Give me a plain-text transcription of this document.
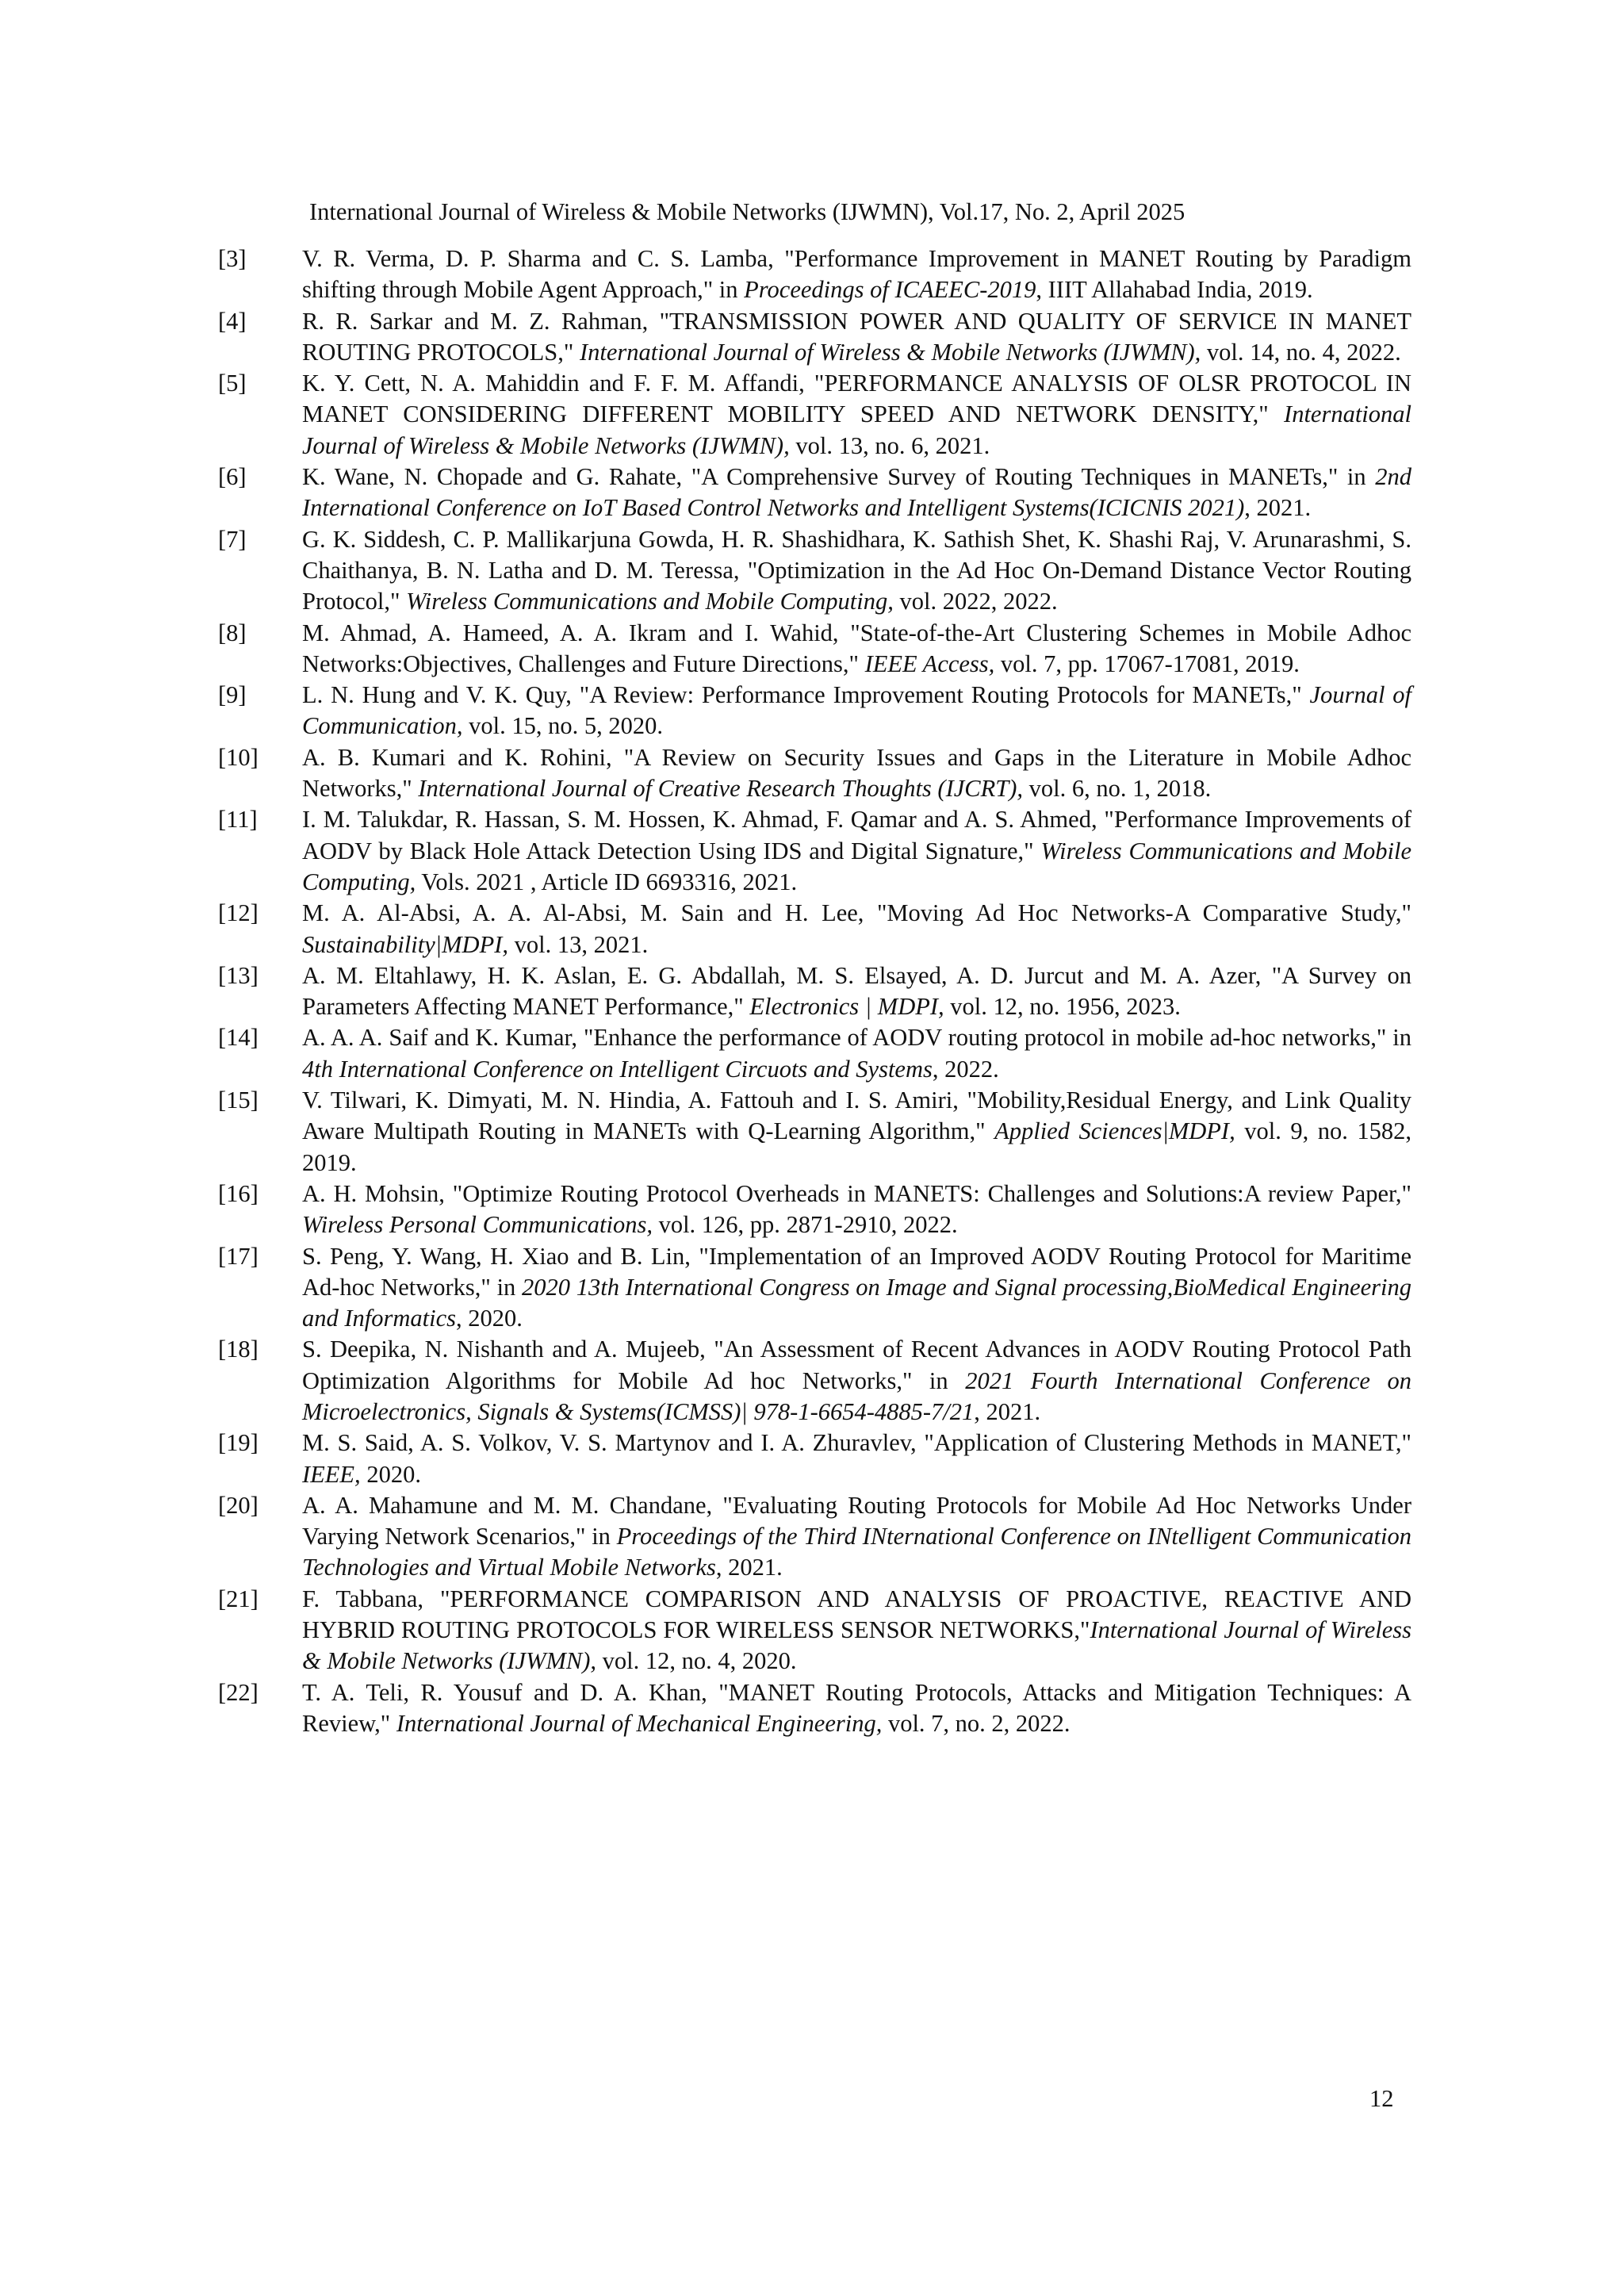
International Journal of Wireless & Mobile Networks (IJWMN), Vol.17, No. 2, April 2025
[3]	V. R. Verma, D. P. Sharma and C. S. Lamba, "Performance Improvement in MANET Routing by Paradigm shifting through Mobile Agent Approach," in Proceedings of ICAEEC-2019, IIIT Allahabad India, 2019.
[4]	R. R. Sarkar and M. Z. Rahman, "TRANSMISSION POWER AND QUALITY OF SERVICE IN MANET ROUTING PROTOCOLS," International Journal of Wireless & Mobile Networks (IJWMN), vol. 14, no. 4, 2022.
[5]	K. Y. Cett, N. A. Mahiddin and F. F. M. Affandi, "PERFORMANCE ANALYSIS OF OLSR PROTOCOL IN MANET CONSIDERING DIFFERENT MOBILITY SPEED AND NETWORK DENSITY," International Journal of Wireless & Mobile Networks (IJWMN), vol. 13, no. 6, 2021.
[6]	K. Wane, N. Chopade and G. Rahate, "A Comprehensive Survey of Routing Techniques in MANETs," in 2nd International Conference on IoT Based Control Networks and Intelligent Systems(ICICNIS 2021), 2021.
[7]	G. K. Siddesh, C. P. Mallikarjuna Gowda, H. R. Shashidhara, K. Sathish Shet, K. Shashi Raj, V. Arunarashmi, S. Chaithanya, B. N. Latha and D. M. Teressa, "Optimization in the Ad Hoc On-Demand Distance Vector Routing Protocol," Wireless Communications and Mobile Computing, vol. 2022, 2022.
[8]	M. Ahmad, A. Hameed, A. A. Ikram and I. Wahid, "State-of-the-Art Clustering Schemes in Mobile Adhoc Networks:Objectives, Challenges and Future Directions," IEEE Access, vol. 7, pp. 17067-17081, 2019.
[9]	L. N. Hung and V. K. Quy, "A Review: Performance Improvement Routing Protocols for MANETs," Journal of Communication, vol. 15, no. 5, 2020.
[10]	A. B. Kumari and K. Rohini, "A Review on Security Issues and Gaps in the Literature in Mobile Adhoc Networks," International Journal of Creative Research Thoughts (IJCRT), vol. 6, no. 1, 2018.
[11]	I. M. Talukdar, R. Hassan, S. M. Hossen, K. Ahmad, F. Qamar and A. S. Ahmed, "Performance Improvements of AODV by Black Hole Attack Detection Using IDS and Digital Signature," Wireless Communications and Mobile Computing, Vols. 2021 , Article ID 6693316, 2021.
[12]	M. A. Al-Absi, A. A. Al-Absi, M. Sain and H. Lee, "Moving Ad Hoc Networks-A Comparative Study," Sustainability|MDPI, vol. 13, 2021.
[13]	A. M. Eltahlawy, H. K. Aslan, E. G. Abdallah, M. S. Elsayed, A. D. Jurcut and M. A. Azer, "A Survey on Parameters Affecting MANET Performance," Electronics | MDPI, vol. 12, no. 1956, 2023.
[14]	A. A. A. Saif and K. Kumar, "Enhance the performance of AODV routing protocol in mobile ad-hoc networks," in 4th International Conference on Intelligent Circuots and Systems, 2022.
[15]	V. Tilwari, K. Dimyati, M. N. Hindia, A. Fattouh and I. S. Amiri, "Mobility,Residual Energy, and Link Quality Aware Multipath Routing in MANETs with Q-Learning Algorithm," Applied Sciences|MDPI, vol. 9, no. 1582, 2019.
[16]	A. H. Mohsin, "Optimize Routing Protocol Overheads in MANETS: Challenges and Solutions:A review Paper," Wireless Personal Communications, vol. 126, pp. 2871-2910, 2022.
[17]	S. Peng, Y. Wang, H. Xiao and B. Lin, "Implementation of an Improved AODV Routing Protocol for Maritime Ad-hoc Networks," in 2020 13th International Congress on Image and Signal processing,BioMedical Engineering and Informatics, 2020.
[18]	S. Deepika, N. Nishanth and A. Mujeeb, "An Assessment of Recent Advances in AODV Routing Protocol Path Optimization Algorithms for Mobile Ad hoc Networks," in 2021 Fourth International Conference on Microelectronics, Signals & Systems(ICMSS)| 978-1-6654-4885-7/21, 2021.
[19]	M. S. Said, A. S. Volkov, V. S. Martynov and I. A. Zhuravlev, "Application of Clustering Methods in MANET," IEEE, 2020.
[20]	A. A. Mahamune and M. M. Chandane, "Evaluating Routing Protocols for Mobile Ad Hoc Networks Under Varying Network Scenarios," in Proceedings of the Third INternational Conference on INtelligent Communication Technologies and Virtual Mobile Networks, 2021.
[21]	F. Tabbana, "PERFORMANCE COMPARISON AND ANALYSIS OF PROACTIVE, REACTIVE AND HYBRID ROUTING PROTOCOLS FOR WIRELESS SENSOR NETWORKS,"International Journal of Wireless & Mobile Networks (IJWMN), vol. 12, no. 4, 2020.
[22]	T. A. Teli, R. Yousuf and D. A. Khan, "MANET Routing Protocols, Attacks and Mitigation Techniques: A Review," International Journal of Mechanical Engineering, vol. 7, no. 2, 2022.
12
